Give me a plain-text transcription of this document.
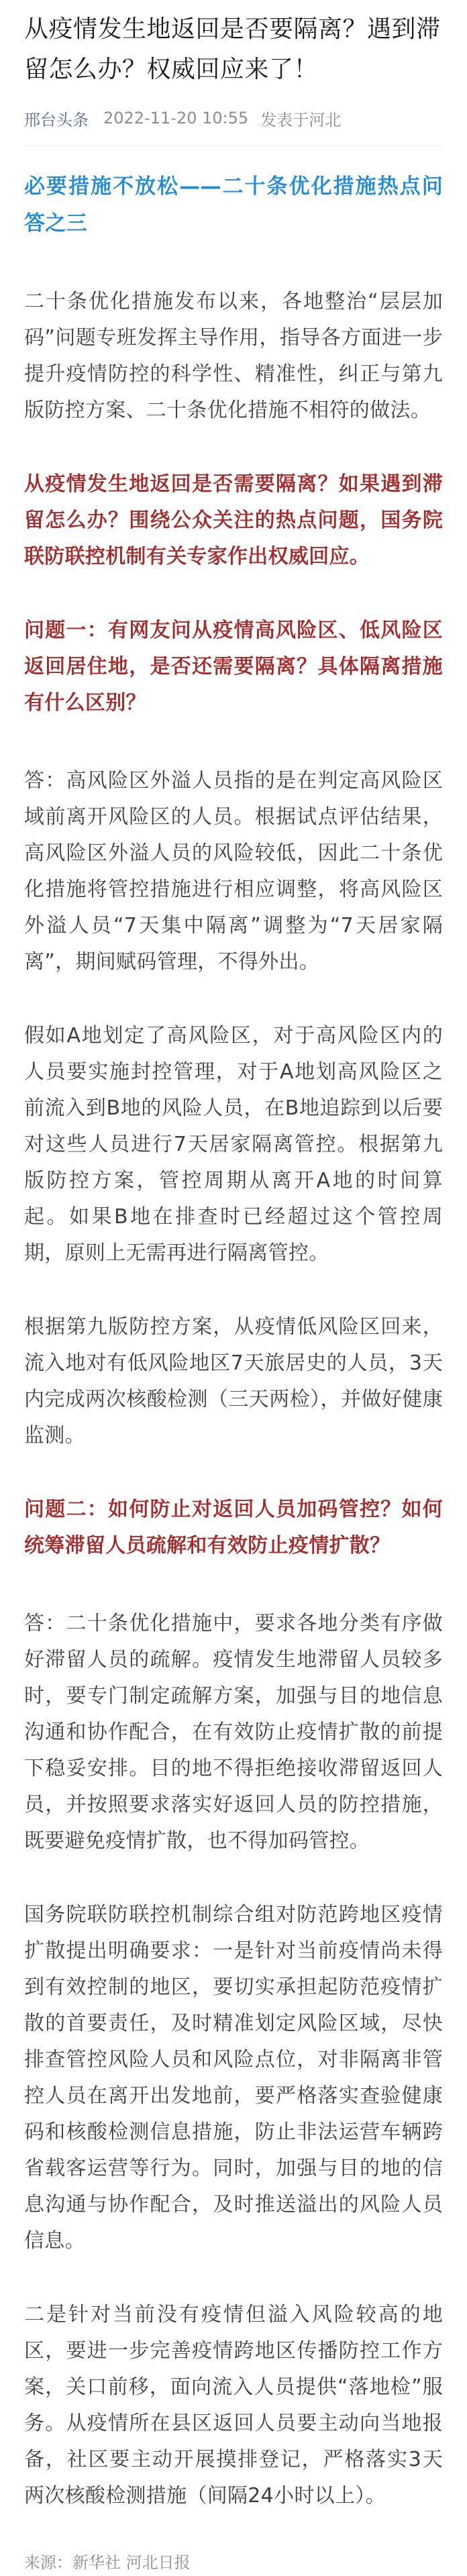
从疫情发生地返回是否要隔离？遇到滞留怎么办？权威回应来了！
邢台头条 2022-11-20 10:55 发表于河北

必要措施不放松——二十条优化措施热点问答之三

二十条优化措施发布以来，各地整治“层层加码”问题专班发挥主导作用，指导各方面进一步提升疫情防控的科学性、精准性，纠正与第九版防控方案、二十条优化措施不相符的做法。

从疫情发生地返回是否需要隔离？如果遇到滞留怎么办？围绕公众关注的热点问题，国务院联防联控机制有关专家作出权威回应。

问题一：有网友问从疫情高风险区、低风险区返回居住地，是否还需要隔离？具体隔离措施有什么区别？

答：高风险区外溢人员指的是在判定高风险区域前离开风险区的人员。根据试点评估结果，高风险区外溢人员的风险较低，因此二十条优化措施将管控措施进行相应调整，将高风险区外溢人员“7天集中隔离”调整为“7天居家隔离”，期间赋码管理，不得外出。

假如A地划定了高风险区，对于高风险区内的人员要实施封控管理，对于A地划高风险区之前流入到B地的风险人员，在B地追踪到以后要对这些人员进行7天居家隔离管控。根据第九版防控方案，管控周期从离开A地的时间算起。如果B地在排查时已经超过这个管控周期，原则上无需再进行隔离管控。

根据第九版防控方案，从疫情低风险区回来，流入地对有低风险地区7天旅居史的人员，3天内完成两次核酸检测（三天两检），并做好健康监测。

问题二：如何防止对返回人员加码管控？如何统筹滞留人员疏解和有效防止疫情扩散？

答：二十条优化措施中，要求各地分类有序做好滞留人员的疏解。疫情发生地滞留人员较多时，要专门制定疏解方案，加强与目的地信息沟通和协作配合，在有效防止疫情扩散的前提下稳妥安排。目的地不得拒绝接收滞留返回人员，并按照要求落实好返回人员的防控措施，既要避免疫情扩散，也不得加码管控。

国务院联防联控机制综合组对防范跨地区疫情扩散提出明确要求：一是针对当前疫情尚未得到有效控制的地区，要切实承担起防范疫情扩散的首要责任，及时精准划定风险区域，尽快排查管控风险人员和风险点位，对非隔离非管控人员在离开出发地前，要严格落实查验健康码和核酸检测信息措施，防止非法运营车辆跨省载客运营等行为。同时，加强与目的地的信息沟通与协作配合，及时推送溢出的风险人员信息。

二是针对当前没有疫情但溢入风险较高的地区，要进一步完善疫情跨地区传播防控工作方案，关口前移，面向流入人员提供“落地检”服务。从疫情所在县区返回人员要主动向当地报备，社区要主动开展摸排登记，严格落实3天两次核酸检测措施（间隔24小时以上）。

来源：新华社 河北日报
